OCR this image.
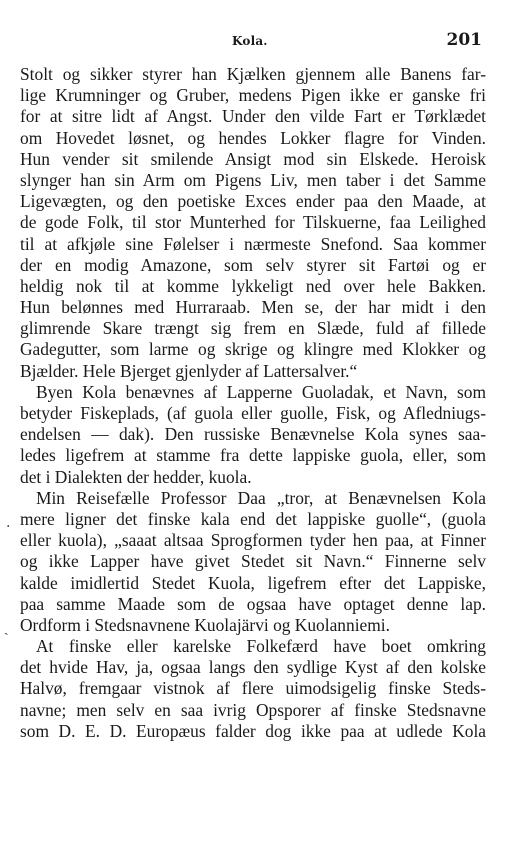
Kola.	201
Stolt og sikker styrer han Kjælken gjennem alle Banens far-
lige Krumninger og Gruber, medens Pigen ikke er ganske fri
for at sitre lidt af Angst. Under den vilde Fart er Tørklædet
om Hovedet løsnet, og hendes Lokker flagre for Vinden.
Hun vender sit smilende Ansigt mod sin Elskede. Heroisk
slynger han sin Arm om Pigens Liv, men taber i det Samme
Ligevægten, og den poetiske Exces ender paa den Maade, at
de gode Folk, til stor Munterhed for Tilskuerne, faa Leilighed
til at afkjøle sine Følelser i nærmeste Snefond. Saa kommer
der en modig Amazone, som selv styrer sit Fartøi og er
heldig nok til at komme lykkeligt ned over hele Bakken.
Hun belønnes med Hurraraab. Men se, der har midt i den
glimrende Skare trængt sig frem en Slæde, fuld af fillede
Gadegutter, som larme og skrige og klingre med Klokker og
Bjælder. Hele Bjerget gjenlyder af Lattersalver.“
Byen Kola benævnes af Lapperne Guoladak, et Navn, som
betyder Fiskeplads, (af guola eller guolle, Fisk, og Afledniugs-
endelsen — dak). Den russiske Benævnelse Kola synes saa-
ledes ligefrem at stamme fra dette lappiske guola, eller, som
det i Dialekten der hedder, kuola.
Min Reisefælle Professor Daa „tror, at Benævnelsen Kola
mere ligner det finske kala end det lappiske guolle“, (guola
eller kuola), „saaat altsaa Sprogformen tyder hen paa, at Finner
og ikke Lapper have givet Stedet sit Navn.“ Finnerne selv
kalde imidlertid Stedet Kuola, ligefrem efter det Lappiske,
paa samme Maade som de ogsaa have optaget denne lap.
Ordform i Stedsnavnene Kuolajärvi og Kuolanniemi.
At finske eller karelske Folkefærd have boet omkring
det hvide Hav, ja, ogsaa langs den sydlige Kyst af den kolske
Halvø, fremgaar vistnok af flere uimodsigelig finske Steds-
navne; men selv en saa ivrig Opsporer af finske Stedsnavne
som D. E. D. Europæus falder dog ikke paa at udlede Kola
.
ˎ
